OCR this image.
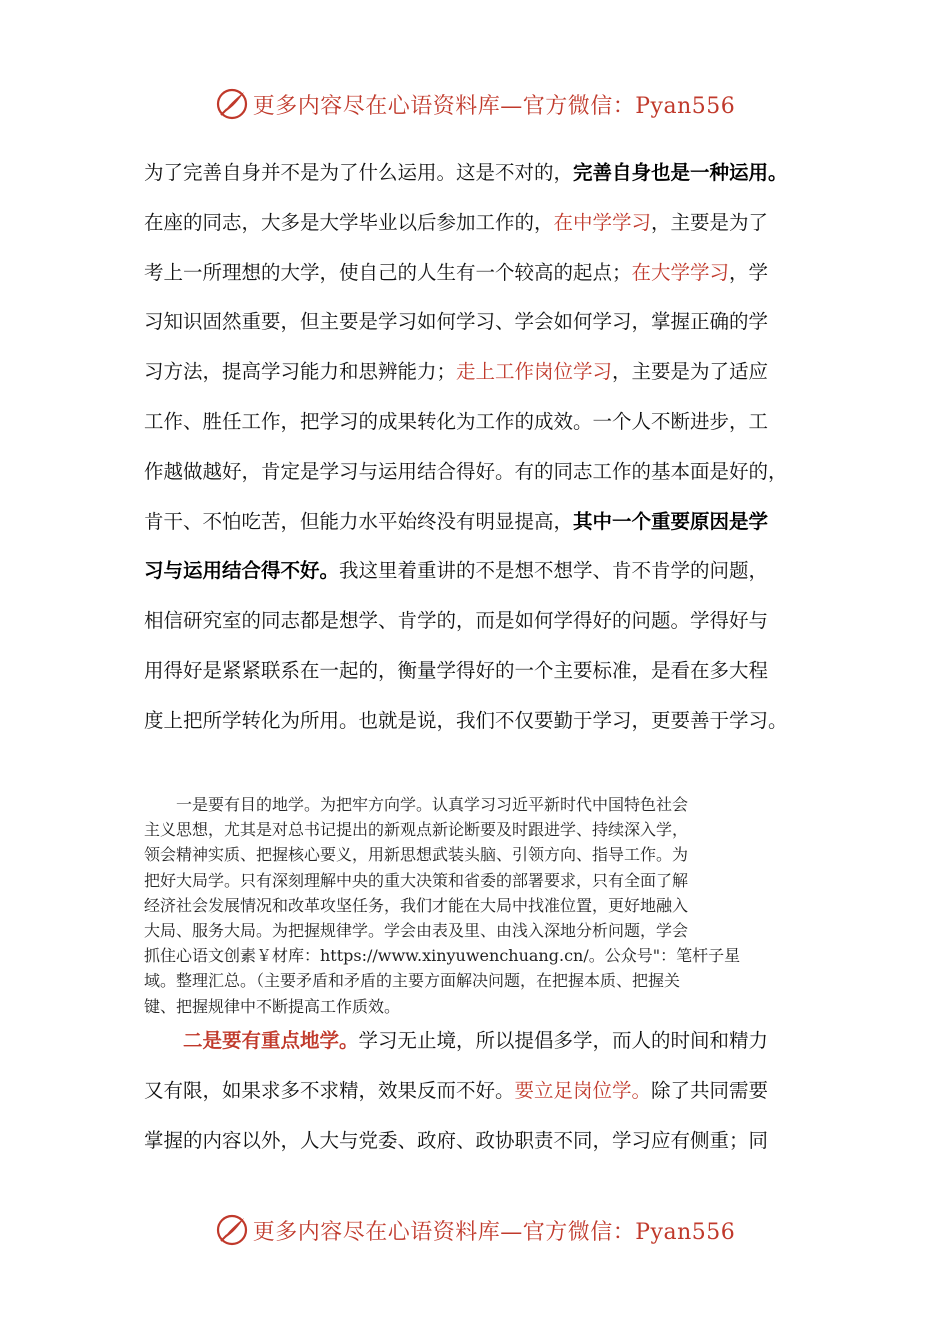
更多内容尽在心语资料库—官方微信：Pyan556
为了完善自身并不是为了什么运用。这是不对的，完善自身也是一种运用。
在座的同志，大多是大学毕业以后参加工作的，在中学学习，主要是为了
考上一所理想的大学，使自己的人生有一个较高的起点；在大学学习，学
习知识固然重要，但主要是学习如何学习、学会如何学习，掌握正确的学
习方法，提高学习能力和思辨能力；走上工作岗位学习，主要是为了适应
工作、胜任工作，把学习的成果转化为工作的成效。一个人不断进步，工
作越做越好，肯定是学习与运用结合得好。有的同志工作的基本面是好的，
肯干、不怕吃苦，但能力水平始终没有明显提高，其中一个重要原因是学
习与运用结合得不好。我这里着重讲的不是想不想学、肯不肯学的问题，
相信研究室的同志都是想学、肯学的，而是如何学得好的问题。学得好与
用得好是紧紧联系在一起的，衡量学得好的一个主要标准，是看在多大程
度上把所学转化为所用。也就是说，我们不仅要勤于学习，更要善于学习。
　　一是要有目的地学。为把牢方向学。认真学习习近平新时代中国特色社会
主义思想，尤其是对总书记提出的新观点新论断要及时跟进学、持续深入学，
领会精神实质、把握核心要义，用新思想武装头脑、引领方向、指导工作。为
把好大局学。只有深刻理解中央的重大决策和省委的部署要求，只有全面了解
经济社会发展情况和改革攻坚任务，我们才能在大局中找准位置，更好地融入
大局、服务大局。为把握规律学。学会由表及里、由浅入深地分析问题，学会
抓住心语文创素￥材库：https://www.xinyuwenchuang.cn/。公众号"：笔杆子星
域。整理汇总。（主要矛盾和矛盾的主要方面解决问题，在把握本质、把握关
键、把握规律中不断提高工作质效。
　　二是要有重点地学。学习无止境，所以提倡多学，而人的时间和精力
又有限，如果求多不求精，效果反而不好。要立足岗位学。除了共同需要
掌握的内容以外，人大与党委、政府、政协职责不同，学习应有侧重；同
更多内容尽在心语资料库—官方微信：Pyan556
